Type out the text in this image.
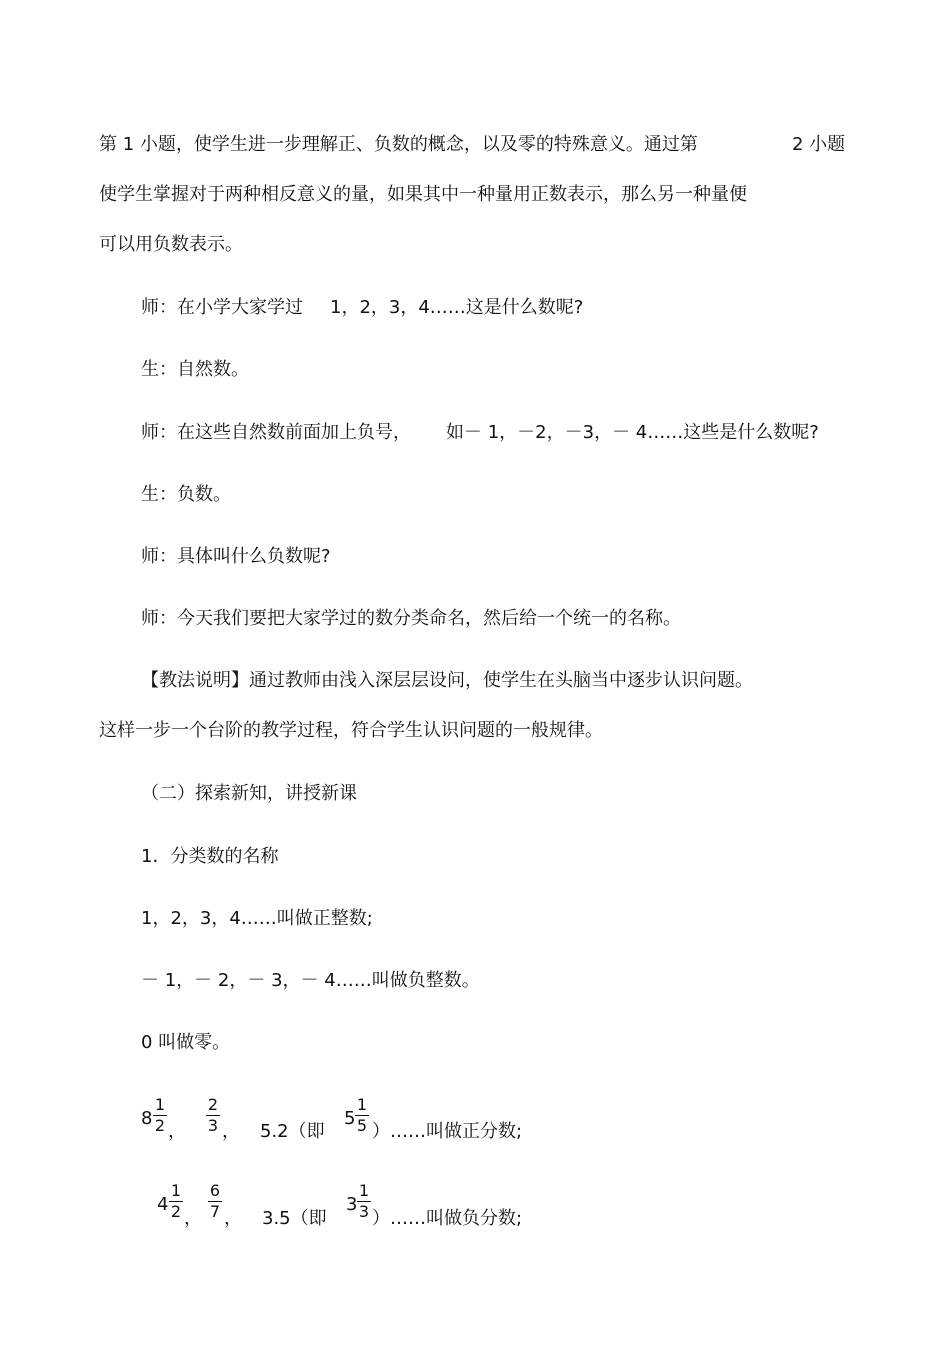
第 1 小题，使学生进一步理解正、负数的概念，以及零的特殊意义。通过第	2 小题
使学生掌握对于两种相反意义的量，如果其中一种量用正数表示，那么另一种量便
可以用负数表示。
师：在小学大家学过 1，2，3，4……这是什么数呢?
生：自然数。
师：在这些自然数前面加上负号， 如－ 1，－2，－3，－ 4……这些是什么数呢?
生：负数。
师：具体叫什么负数呢?
师：今天我们要把大家学过的数分类命名，然后给一个统一的名称。
【教法说明】通过教师由浅入深层层设问，使学生在头脑当中逐步认识问题。
这样一步一个台阶的教学过程，符合学生认识问题的一般规律。
（二）探索新知，讲授新课
1．分类数的名称
1，2，3，4……叫做正整数;
－ 1，－ 2，－ 3，－ 4……叫做负整数。
0 叫做零。
8
1
2 ，
2
3 ， 5.2（即
5
1
5 ）……叫做正分数;
4
1
2 ，
6
7 ， 3.5（即
3
1
3 ）……叫做负分数;
